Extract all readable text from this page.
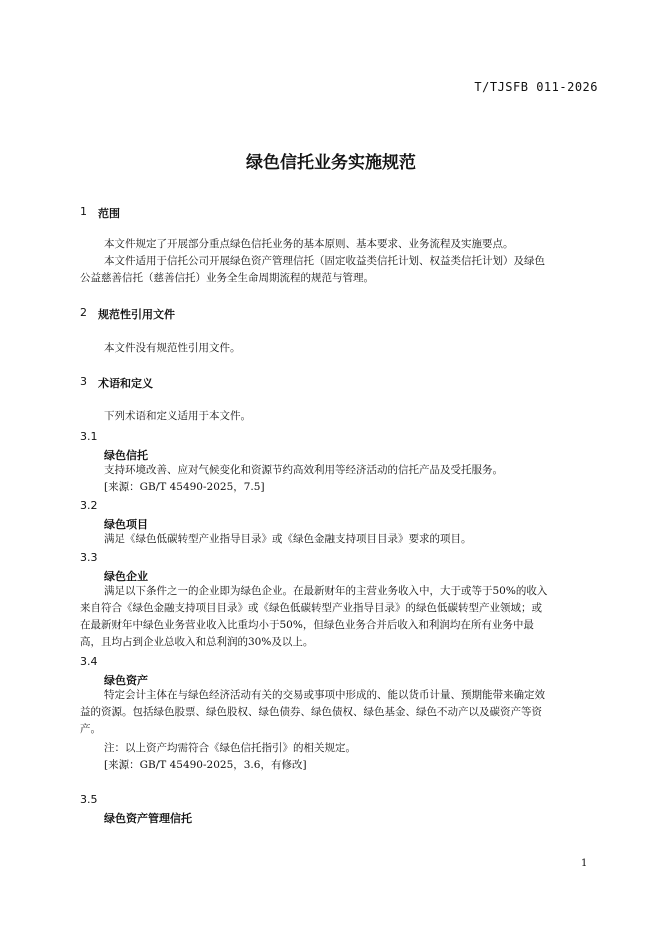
T/TJSFB 011-2026
绿色信托业务实施规范
1 范围
本文件规定了开展部分重点绿色信托业务的基本原则、基本要求、业务流程及实施要点。
本文件适用于信托公司开展绿色资产管理信托（固定收益类信托计划、权益类信托计划）及绿色
公益慈善信托（慈善信托）业务全生命周期流程的规范与管理。
2 规范性引用文件
本文件没有规范性引用文件。
3 术语和定义
下列术语和定义适用于本文件。
3.1
绿色信托
支持环境改善、应对气候变化和资源节约高效利用等经济活动的信托产品及受托服务。
[来源：GB/T 45490-2025，7.5]
3.2
绿色项目
满足《绿色低碳转型产业指导目录》或《绿色金融支持项目目录》要求的项目。
3.3
绿色企业
满足以下条件之一的企业即为绿色企业。在最新财年的主营业务收入中，大于或等于50%的收入
来自符合《绿色金融支持项目目录》或《绿色低碳转型产业指导目录》的绿色低碳转型产业领域；或
在最新财年中绿色业务营业收入比重均小于50%，但绿色业务合并后收入和利润均在所有业务中最
高，且均占到企业总收入和总利润的30%及以上。
3.4
绿色资产
特定会计主体在与绿色经济活动有关的交易或事项中形成的、能以货币计量、预期能带来确定效
益的资源。包括绿色股票、绿色股权、绿色债券、绿色债权、绿色基金、绿色不动产以及碳资产等资
产。
注：以上资产均需符合《绿色信托指引》的相关规定。
[来源：GB/T 45490-2025，3.6，有修改]
3.5
绿色资产管理信托
1
